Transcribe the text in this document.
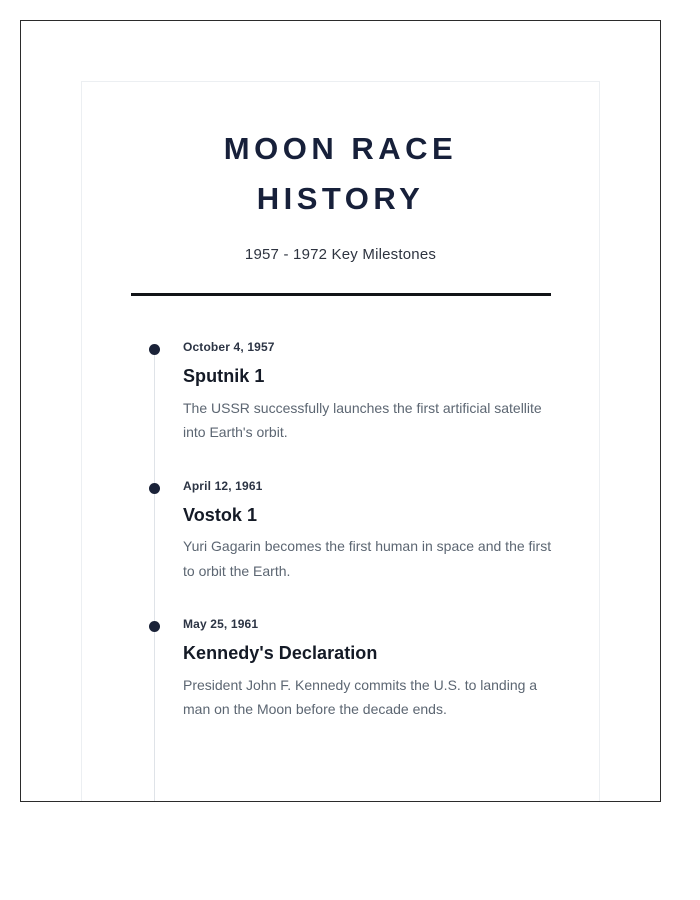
MOON RACE
HISTORY

1957 - 1972 Key Milestones

October 4, 1957

Sputnik 1

The USSR successfully launches the first artificial satellite into Earth's orbit.

April 12, 1961

Vostok 1

Yuri Gagarin becomes the first human in space and the first to orbit the Earth.

May 25, 1961

Kennedy's Declaration

President John F. Kennedy commits the U.S. to landing a man on the Moon before the decade ends.
